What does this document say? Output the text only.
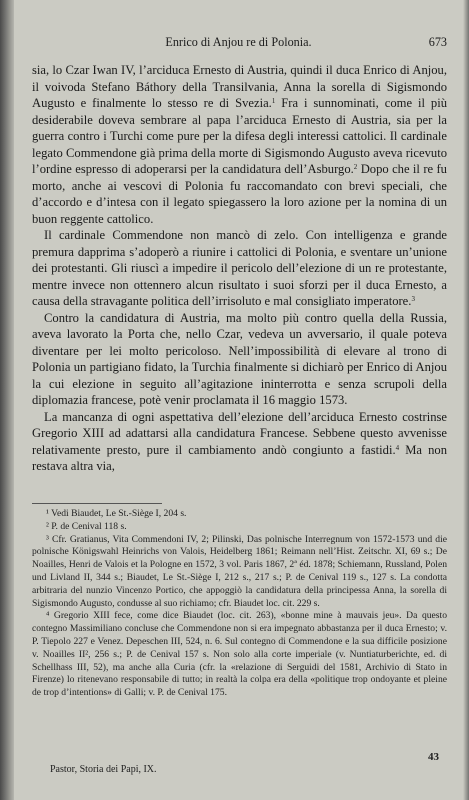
Enrico di Anjou re di Polonia.	673

sia, lo Czar Iwan IV, l’arciduca Ernesto di Austria, quindi il duca Enrico di Anjou, il voivoda Stefano Báthory della Transilvania, Anna la sorella di Sigismondo Augusto e finalmente lo stesso re di Svezia.$^1$ Fra i sunnominati, come il più desiderabile doveva sembrare al papa l’arciduca Ernesto di Austria, sia per la guerra contro i Turchi come pure per la difesa degli interessi cattolici. Il cardinale legato Commendone già prima della morte di Sigismondo Augusto aveva ricevuto l’ordine espresso di adoperarsi per la candidatura dell’Asburgo.$^2$ Dopo che il re fu morto, anche ai vescovi di Polonia fu raccomandato con brevi speciali, che d’accordo e d’intesa con il legato spiegassero la loro azione per la nomina di un buon reggente cattolico.

Il cardinale Commendone non mancò di zelo. Con intelligenza e grande premura dapprima s’adoperò a riunire i cattolici di Polonia, e sventare un’unione dei protestanti. Gli riuscì a impedire il pericolo dell’elezione di un re protestante, mentre invece non ottennero alcun risultato i suoi sforzi per il duca Ernesto, a causa della stravagante politica dell’irrisoluto e mal consigliato imperatore.$^3$

Contro la candidatura di Austria, ma molto più contro quella della Russia, aveva lavorato la Porta che, nello Czar, vedeva un avversario, il quale poteva diventare per lei molto pericoloso. Nell’impossibilità di elevare al trono di Polonia un partigiano fidato, la Turchia finalmente si dichiarò per Enrico di Anjou la cui elezione in seguito all’agitazione ininterrotta e senza scrupoli della diplomazia francese, potè venir proclamata il 16 maggio 1573.

La mancanza di ogni aspettativa dell’elezione dell’arciduca Ernesto costrinse Gregorio XIII ad adattarsi alla candidatura Francese. Sebbene questo avvenisse relativamente presto, pure il cambiamento andò congiunto a fastidi.$^4$ Ma non restava altra via,

¹ Vedi Biaudet, Le St.-Siège I, 204 s.

² P. de Cenival 118 s.

³ Cfr. Gratianus, Vita Commendoni IV, 2; Pilinski, Das polnische Interregnum von 1572-1573 und die polnische Königswahl Heinrichs von Valois, Heidelberg 1861; Reimann nell’Hist. Zeitschr. XI, 69 s.; De Noailles, Henri de Valois et la Pologne en 1572, 3 vol. Paris 1867, 2ª éd. 1878; Schiemann, Russland, Polen und Livland II, 344 s.; Biaudet, Le St.-Siège I, 212 s., 217 s.; P. de Cenival 119 s., 127 s. La condotta arbitraria del nunzio Vincenzo Portico, che appoggiò la candidatura della principessa Anna, la sorella di Sigismondo Augusto, condusse al suo richiamo; cfr. Biaudet loc. cit. 229 s.

⁴ Gregorio XIII fece, come dice Biaudet (loc. cit. 263), «bonne mine à mauvais jeu». Da questo contegno Massimiliano concluse che Commendone non si era impegnato abbastanza per il duca Ernesto; v. P. Tiepolo 227 e Venez. Depeschen III, 524, n. 6. Sul contegno di Commendone e la sua difficile posizione v. Noailles II², 256 s.; P. de Cenival 157 s. Non solo alla corte imperiale (v. Nuntiaturberichte, ed. di Schellhass III, 52), ma anche alla Curia (cfr. la «relazione di Serguidi del 1581, Archivio di Stato in Firenze) lo ritenevano responsabile di tutto; in realtà la colpa era della «politique trop ondoyante et pleine de trop d’intentions» di Galli; v. P. de Cenival 175.

Pastor, Storia dei Papi, IX.
43
